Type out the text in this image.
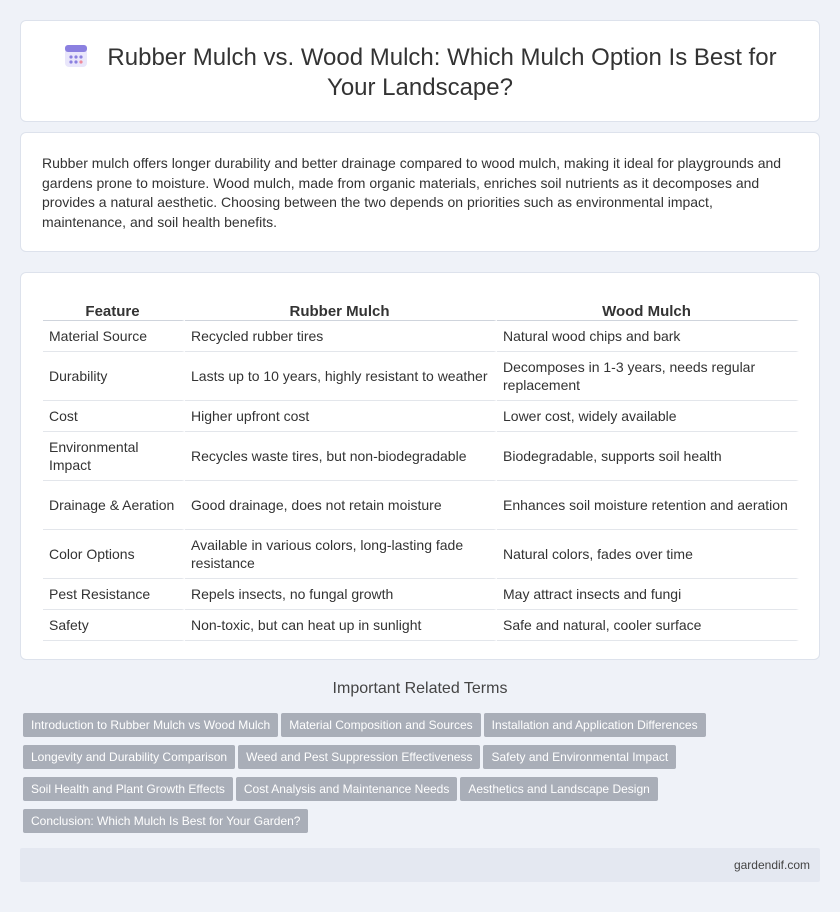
Rubber Mulch vs. Wood Mulch: Which Mulch Option Is Best for Your Landscape?

Rubber mulch offers longer durability and better drainage compared to wood mulch, making it ideal for playgrounds and gardens prone to moisture. Wood mulch, made from organic materials, enriches soil nutrients as it decomposes and provides a natural aesthetic. Choosing between the two depends on priorities such as environmental impact, maintenance, and soil health benefits.

Feature	Rubber Mulch	Wood Mulch
Material Source	Recycled rubber tires	Natural wood chips and bark
Durability	Lasts up to 10 years, highly resistant to weather	Decomposes in 1-3 years, needs regular replacement
Cost	Higher upfront cost	Lower cost, widely available
Environmental Impact	Recycles waste tires, but non-biodegradable	Biodegradable, supports soil health
Drainage & Aeration	Good drainage, does not retain moisture	Enhances soil moisture retention and aeration
Color Options	Available in various colors, long-lasting fade resistance	Natural colors, fades over time
Pest Resistance	Repels insects, no fungal growth	May attract insects and fungi
Safety	Non-toxic, but can heat up in sunlight	Safe and natural, cooler surface
Important Related Terms
Introduction to Rubber Mulch vs Wood Mulch Material Composition and Sources Installation and Application Differences
Longevity and Durability Comparison Weed and Pest Suppression Effectiveness Safety and Environmental Impact
Soil Health and Plant Growth Effects Cost Analysis and Maintenance Needs Aesthetics and Landscape Design
Conclusion: Which Mulch Is Best for Your Garden?
gardendif.com
